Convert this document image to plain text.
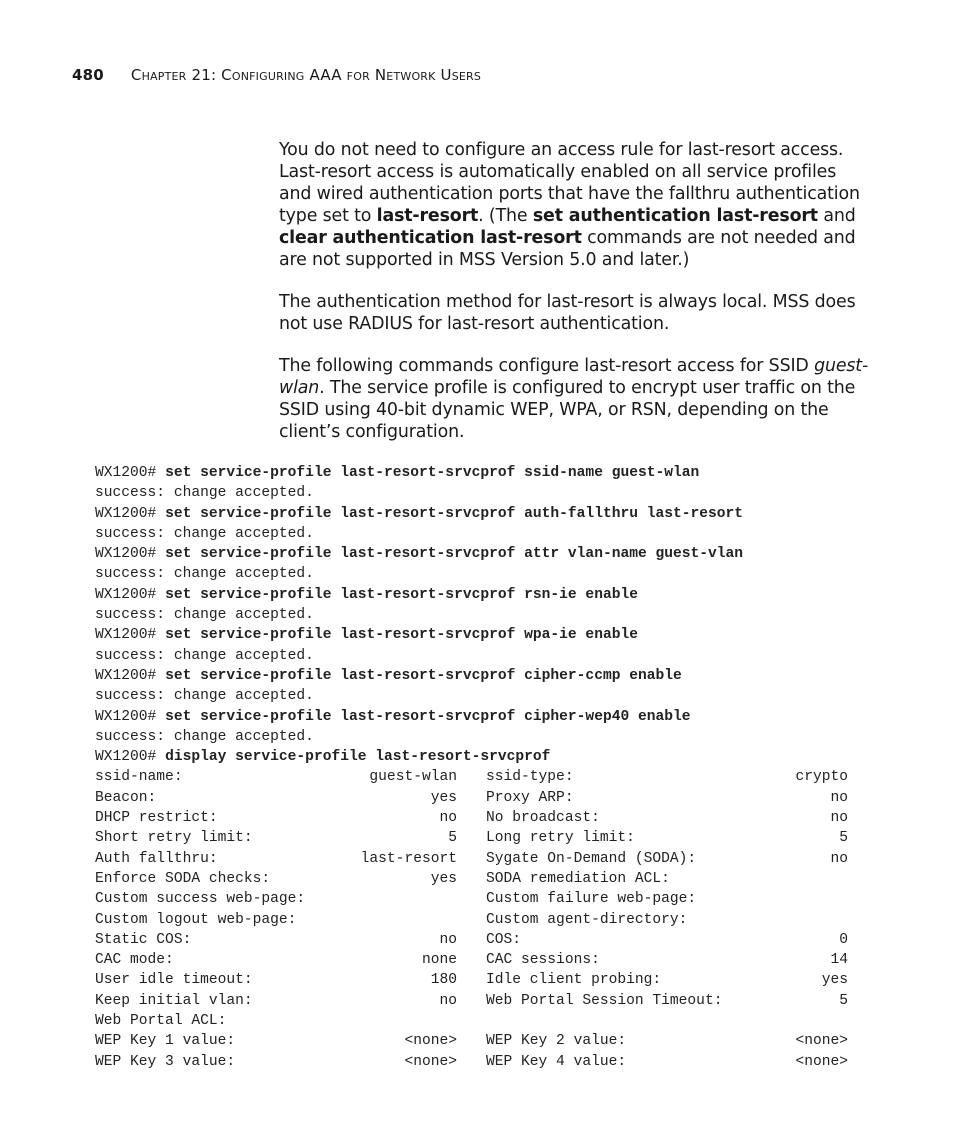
480 Chapter 21: Configuring AAA for Network Users

You do not need to configure an access rule for last-resort access. Last-resort access is automatically enabled on all service profiles and wired authentication ports that have the fallthru authentication type set to last-resort. (The set authentication last-resort and clear authentication last-resort commands are not needed and are not supported in MSS Version 5.0 and later.)

The authentication method for last-resort is always local. MSS does not use RADIUS for last-resort authentication.

The following commands configure last-resort access for SSID guest-wlan. The service profile is configured to encrypt user traffic on the SSID using 40-bit dynamic WEP, WPA, or RSN, depending on the client’s configuration.

WX1200# set service-profile last-resort-srvcprof ssid-name guest-wlan
success: change accepted.
WX1200# set service-profile last-resort-srvcprof auth-fallthru last-resort
success: change accepted.
WX1200# set service-profile last-resort-srvcprof attr vlan-name guest-vlan
success: change accepted.
WX1200# set service-profile last-resort-srvcprof rsn-ie enable
success: change accepted.
WX1200# set service-profile last-resort-srvcprof wpa-ie enable
success: change accepted.
WX1200# set service-profile last-resort-srvcprof cipher-ccmp enable
success: change accepted.
WX1200# set service-profile last-resort-srvcprof cipher-wep40 enable
success: change accepted.
WX1200# display service-profile last-resort-srvcprof
ssid-name:	guest-wlan ssid-type:	crypto
Beacon:	yes Proxy ARP:	no
DHCP restrict:	no No broadcast:	no
Short retry limit:	5 Long retry limit:	5
Auth fallthru:	last-resort Sygate On-Demand (SODA):	no
Enforce SODA checks:	yes SODA remediation ACL:
Custom success web-page:	Custom failure web-page:
Custom logout web-page:	Custom agent-directory:
Static COS:	no COS:	0
CAC mode:	none CAC sessions:	14
User idle timeout:	180 Idle client probing:	yes
Keep initial vlan:	no Web Portal Session Timeout:	5
Web Portal ACL:
WEP Key 1 value:	<none> WEP Key 2 value:	<none>
WEP Key 3 value:	<none> WEP Key 4 value:	<none>
